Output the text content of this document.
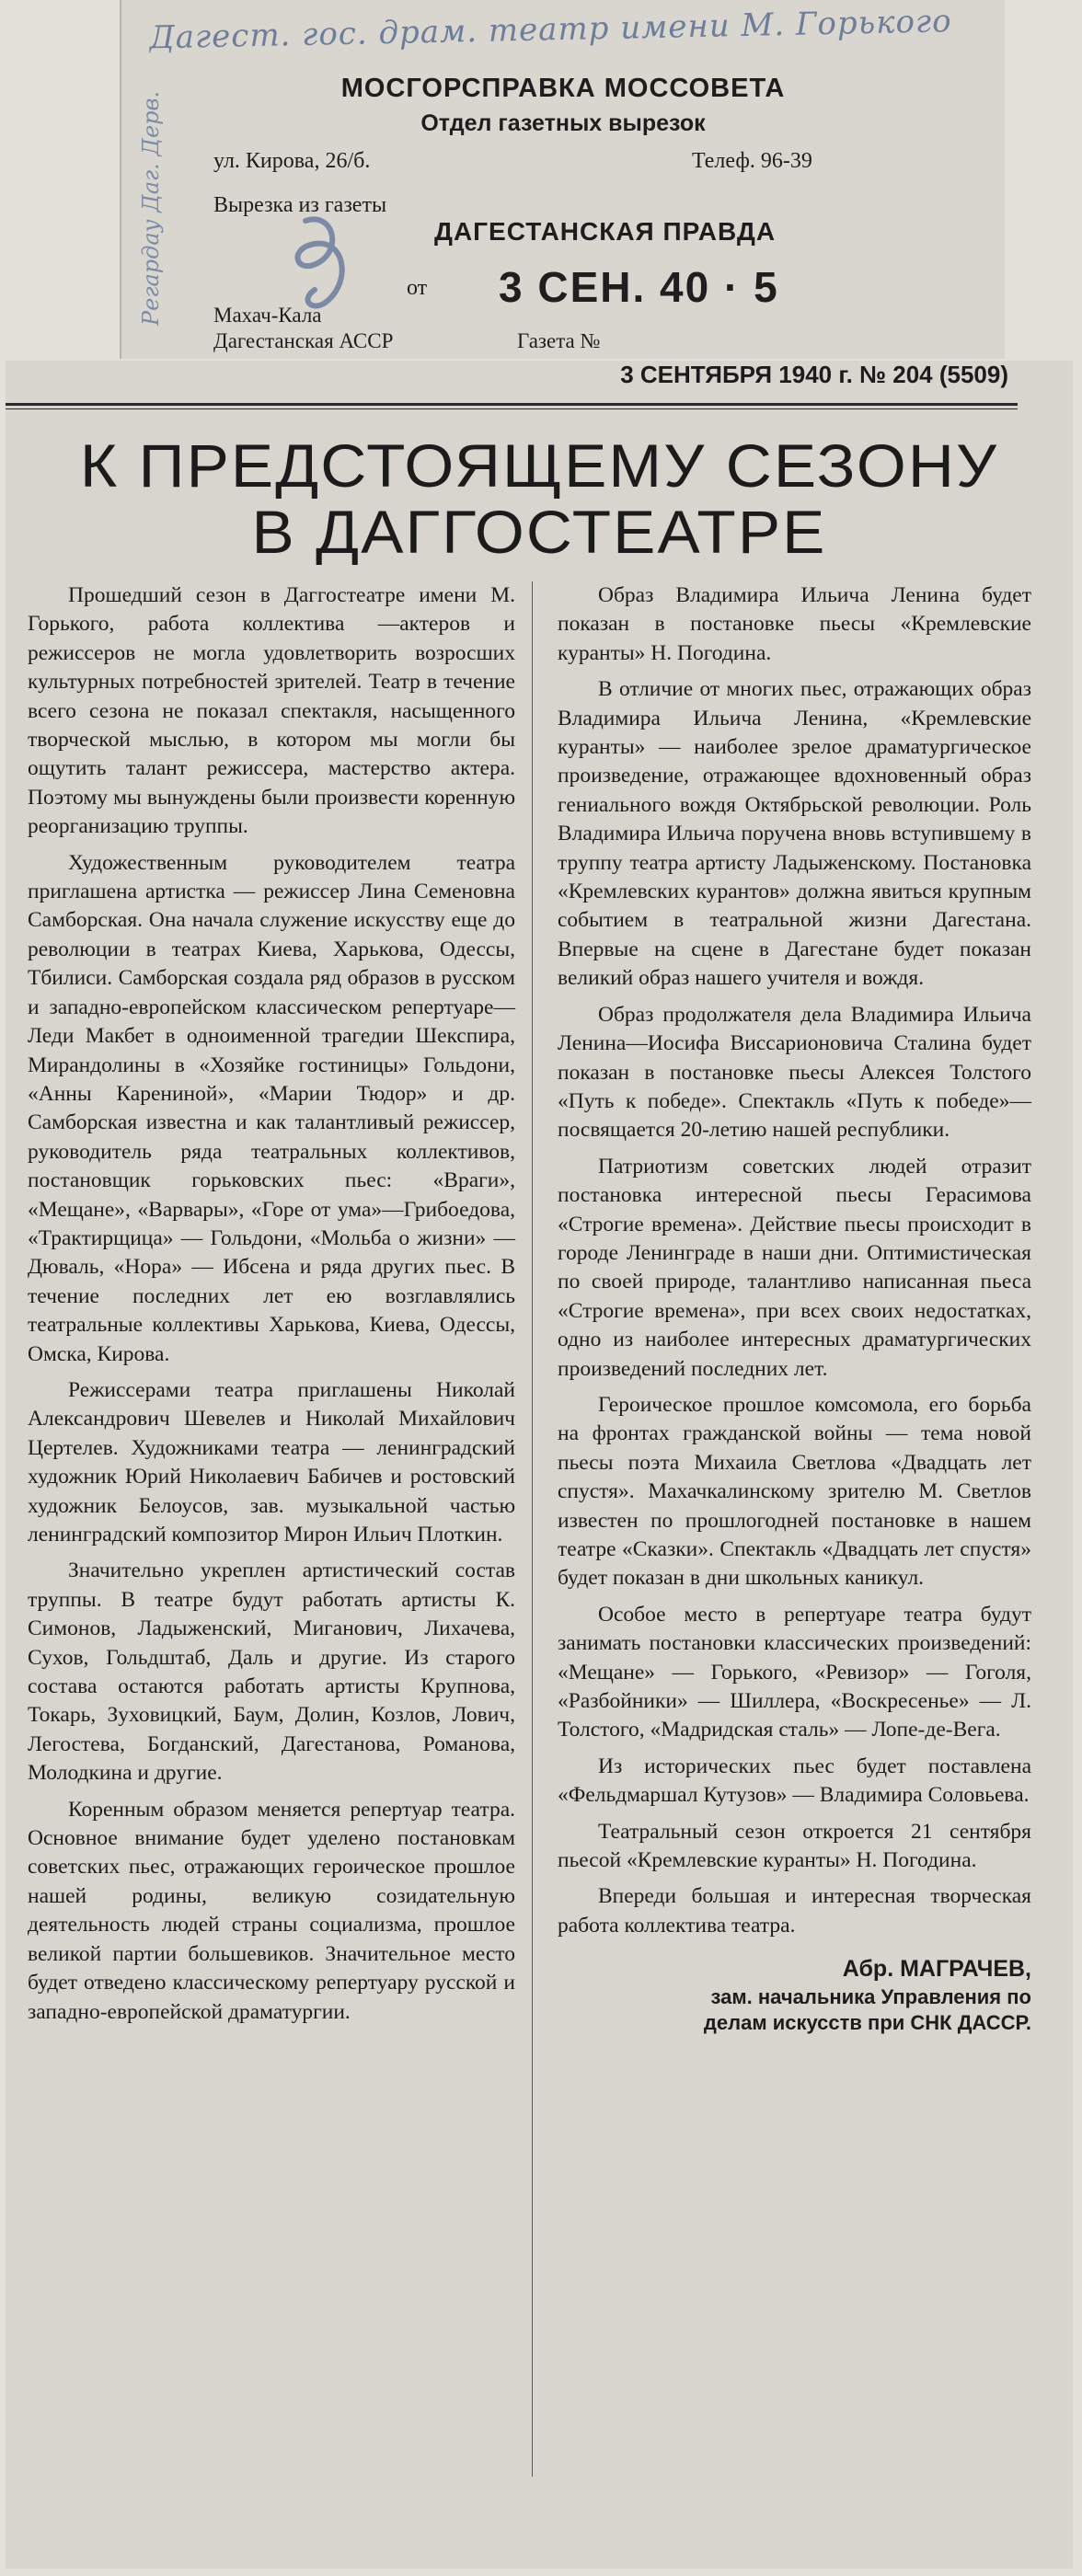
Дагест. гос. драм. театр имени М. Горького
Регардау Даг. Дерв.
МОСГОРСПРАВКА МОССОВЕТА
Отдел газетных вырезок
ул. Кирова, 26/б.	Телеф. 96-39
Вырезка из газеты
ДАГЕСТАНСКАЯ ПРАВДА
от	3 СЕН. 40 · 5
Махач-Кала
Дагестанская АССР	Газета №
3 СЕНТЯБРЯ 1940 г. № 204 (5509)
К ПРЕДСТОЯЩЕМУ СЕЗОНУ
В ДАГГОСТЕАТРЕ

Прошедший сезон в Даггостеатре имени М. Горького, работа коллектива —актеров и режиссеров не могла удовлетворить возросших культурных потребностей зрителей. Театр в течение всего сезона не показал спектакля, насыщенного творческой мыслью, в котором мы могли бы ощутить талант режиссера, мастерство актера. Поэтому мы вынуждены были произвести коренную реорганизацию труппы.

Художественным руководителем театра приглашена артистка — режиссер Лина Семеновна Самборская. Она начала служение искусству еще до революции в театрах Киева, Харькова, Одессы, Тбилиси. Самборская создала ряд образов в русском и западно-европейском классическом репертуаре—Леди Макбет в одноименной трагедии Шекспира, Мирандолины в «Хозяйке гостиницы» Гольдони, «Анны Карениной», «Марии Тюдор» и др. Самборская известна и как талантливый режиссер, руководитель ряда театральных коллективов, постановщик горьковских пьес: «Враги», «Мещане», «Варвары», «Горе от ума»—Грибоедова, «Трактирщица» — Гольдони, «Мольба о жизни» —Дюваль, «Нора» — Ибсена и ряда других пьес. В течение последних лет ею возглавлялись театральные коллективы Харькова, Киева, Одессы, Омска, Кирова.

Режиссерами театра приглашены Николай Александрович Шевелев и Николай Михайлович Цертелев. Художниками театра — ленинградский художник Юрий Николаевич Бабичев и ростовский художник Белоусов, зав. музыкальной частью ленинградский композитор Мирон Ильич Плоткин.

Значительно укреплен артистический состав труппы. В театре будут работать артисты К. Симонов, Ладыженский, Миганович, Лихачева, Сухов, Гольдштаб, Даль и другие. Из старого состава остаются работать артисты Крупнова, Токарь, Зуховицкий, Баум, Долин, Козлов, Лович, Легостева, Богданский, Дагестанова, Романова, Молодкина и другие.

Коренным образом меняется репертуар театра. Основное внимание будет уделено постановкам советских пьес, отражающих героическое прошлое нашей родины, великую созидательную деятельность людей страны социализма, прошлое великой партии большевиков. Значительное место будет отведено классическому репертуару русской и западно-европейской драматургии.

Образ Владимира Ильича Ленина будет показан в постановке пьесы «Кремлевские куранты» Н. Погодина.

В отличие от многих пьес, отражающих образ Владимира Ильича Ленина, «Кремлевские куранты» — наиболее зрелое драматургическое произведение, отражающее вдохновенный образ гениального вождя Октябрьской революции. Роль Владимира Ильича поручена вновь вступившему в труппу театра артисту Ладыженскому. Постановка «Кремлевских курантов» должна явиться крупным событием в театральной жизни Дагестана. Впервые на сцене в Дагестане будет показан великий образ нашего учителя и вождя.

Образ продолжателя дела Владимира Ильича Ленина—Иосифа Виссарионовича Сталина будет показан в постановке пьесы Алексея Толстого «Путь к победе». Спектакль «Путь к победе»— посвящается 20-летию нашей республики.

Патриотизм советских людей отразит постановка интересной пьесы Герасимова «Строгие времена». Действие пьесы происходит в городе Ленинграде в наши дни. Оптимистическая по своей природе, талантливо написанная пьеса «Строгие времена», при всех своих недостатках, одно из наиболее интересных драматургических произведений последних лет.

Героическое прошлое комсомола, его борьба на фронтах гражданской войны — тема новой пьесы поэта Михаила Светлова «Двадцать лет спустя». Махачкалинскому зрителю М. Светлов известен по прошлогодней постановке в нашем театре «Сказки». Спектакль «Двадцать лет спустя» будет показан в дни школьных каникул.

Особое место в репертуаре театра будут занимать постановки классических произведений: «Мещане» — Горького, «Ревизор» — Гоголя, «Разбойники» — Шиллера, «Воскресенье» — Л. Толстого, «Мадридская сталь» — Лопе-де-Вега.

Из исторических пьес будет поставлена «Фельдмаршал Кутузов» — Владимира Соловьева.

Театральный сезон откроется 21 сентября пьесой «Кремлевские куранты» Н. Погодина.

Впереди большая и интересная творческая работа коллектива театра.

Абр. МАГРАЧЕВ,
зам. начальника Управления по
делам искусств при СНК ДАССР.
